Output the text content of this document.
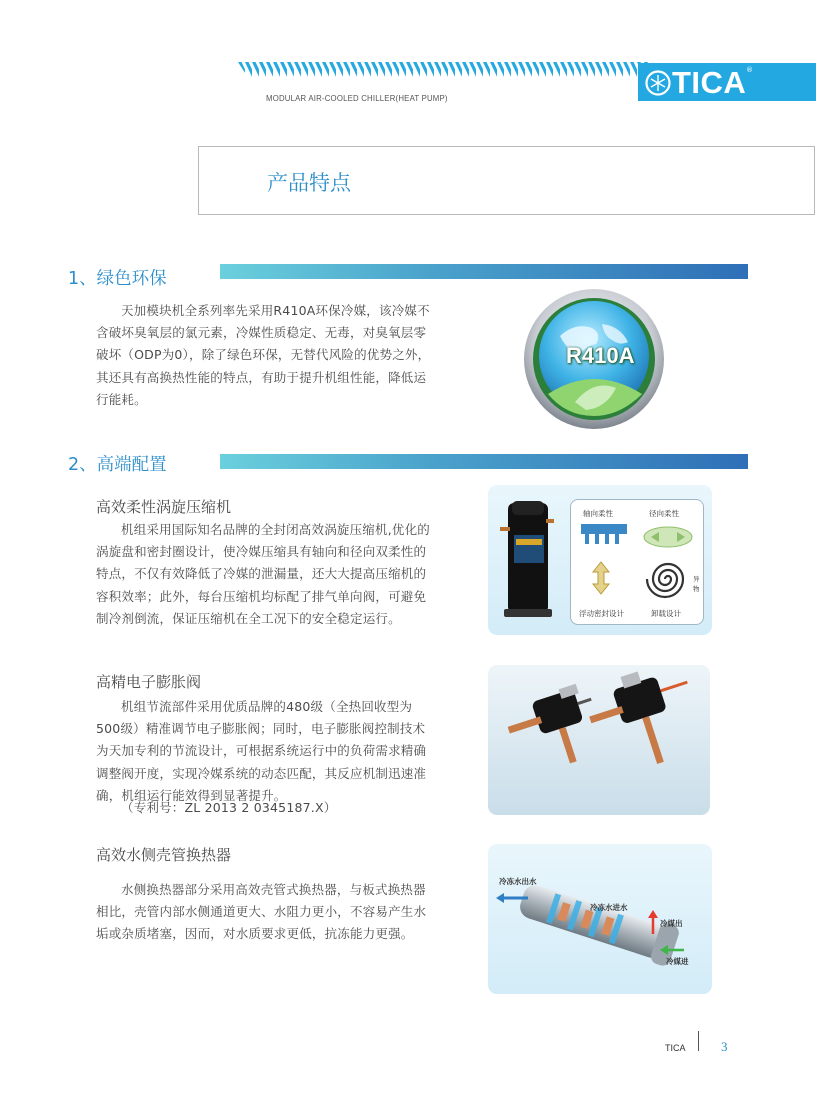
TICA ®
MODULAR AIR-COOLED CHILLER(HEAT PUMP)
产品特点
1、绿色环保
天加模块机全系列率先采用R410A环保冷媒，该冷媒不含破坏臭氧层的氯元素，冷媒性质稳定、无毒，对臭氧层零破坏（ODP为0），除了绿色环保，无替代风险的优势之外，其还具有高换热性能的特点，有助于提升机组性能，降低运行能耗。
R410A
2、高端配置
高效柔性涡旋压缩机
机组采用国际知名品牌的全封闭高效涡旋压缩机,优化的涡旋盘和密封圈设计，使冷媒压缩具有轴向和径向双柔性的特点，不仅有效降低了冷媒的泄漏量，还大大提高压缩机的容积效率；此外，每台压缩机均标配了排气单向阀，可避免制冷剂倒流，保证压缩机在全工况下的安全稳定运行。
轴向柔性	径向柔性
异
物
浮动密封设计	卸载设计
高精电子膨胀阀
机组节流部件采用优质品牌的480级（全热回收型为500级）精准调节电子膨胀阀；同时，电子膨胀阀控制技术为天加专利的节流设计，可根据系统运行中的负荷需求精确调整阀开度，实现冷媒系统的动态匹配，其反应机制迅速准确，机组运行能效得到显著提升。
（专利号：ZL 2013 2 0345187.X）
高效水侧壳管换热器
水侧换热器部分采用高效壳管式换热器，与板式换热器相比，壳管内部水侧通道更大、水阻力更小，不容易产生水垢或杂质堵塞，因而，对水质要求更低，抗冻能力更强。
冷冻水出水
冷冻水进水
冷媒出
冷媒进
TICA	3
